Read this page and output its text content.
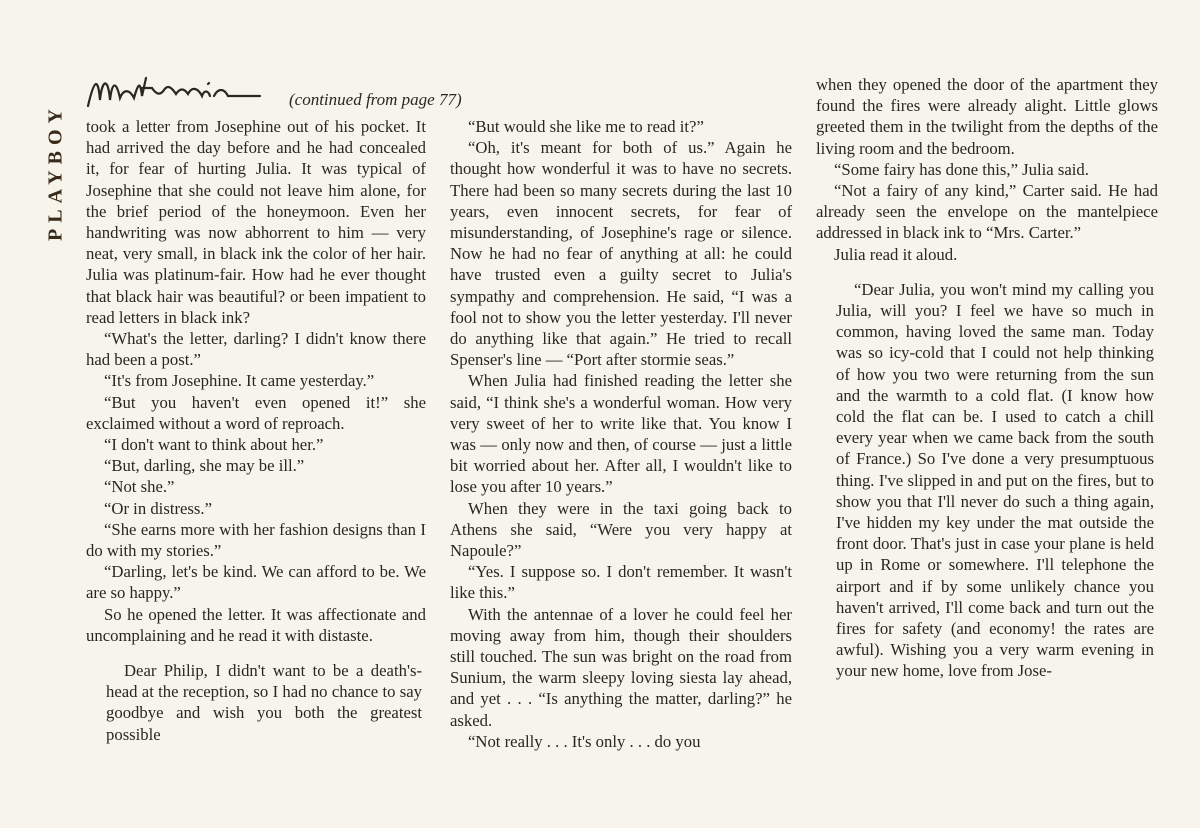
PLAYBOY
(continued from page 77)

took a letter from Josephine out of his pocket. It had arrived the day before and he had concealed it, for fear of hurting Julia. It was typical of Josephine that she could not leave him alone, for the brief period of the honeymoon. Even her handwriting was now abhorrent to him — very neat, very small, in black ink the color of her hair. Julia was platinum-fair. How had he ever thought that black hair was beautiful? or been impatient to read letters in black ink?

“What's the letter, darling? I didn't know there had been a post.”

“It's from Josephine. It came yesterday.”

“But you haven't even opened it!” she exclaimed without a word of reproach.

“I don't want to think about her.”

“But, darling, she may be ill.”

“Not she.”

“Or in distress.”

“She earns more with her fashion designs than I do with my stories.”

“Darling, let's be kind. We can afford to be. We are so happy.”

So he opened the letter. It was affectionate and uncomplaining and he read it with distaste.

Dear Philip, I didn't want to be a death's-head at the reception, so I had no chance to say goodbye and wish you both the greatest possible

“But would she like me to read it?”

“Oh, it's meant for both of us.” Again he thought how wonderful it was to have no secrets. There had been so many secrets during the last 10 years, even innocent secrets, for fear of misunderstanding, of Josephine's rage or silence. Now he had no fear of anything at all: he could have trusted even a guilty secret to Julia's sympathy and comprehension. He said, “I was a fool not to show you the letter yesterday. I'll never do anything like that again.” He tried to recall Spenser's line — “Port after stormie seas.”

When Julia had finished reading the letter she said, “I think she's a wonderful woman. How very very sweet of her to write like that. You know I was — only now and then, of course — just a little bit worried about her. After all, I wouldn't like to lose you after 10 years.”

When they were in the taxi going back to Athens she said, “Were you very happy at Napoule?”

“Yes. I suppose so. I don't remember. It wasn't like this.”

With the antennae of a lover he could feel her moving away from him, though their shoulders still touched. The sun was bright on the road from Sunium, the warm sleepy loving siesta lay ahead, and yet . . . “Is anything the matter, darling?” he asked.

“Not really . . . It's only . . . do you

when they opened the door of the apartment they found the fires were already alight. Little glows greeted them in the twilight from the depths of the living room and the bedroom.

“Some fairy has done this,” Julia said.

“Not a fairy of any kind,” Carter said. He had already seen the envelope on the mantelpiece addressed in black ink to “Mrs. Carter.”

Julia read it aloud.

“Dear Julia, you won't mind my calling you Julia, will you? I feel we have so much in common, having loved the same man. Today was so icy-cold that I could not help thinking of how you two were returning from the sun and the warmth to a cold flat. (I know how cold the flat can be. I used to catch a chill every year when we came back from the south of France.) So I've done a very presumptuous thing. I've slipped in and put on the fires, but to show you that I'll never do such a thing again, I've hidden my key under the mat outside the front door. That's just in case your plane is held up in Rome or somewhere. I'll telephone the airport and if by some unlikely chance you haven't arrived, I'll come back and turn out the fires for safety (and economy! the rates are awful). Wishing you a very warm evening in your new home, love from Jose-
